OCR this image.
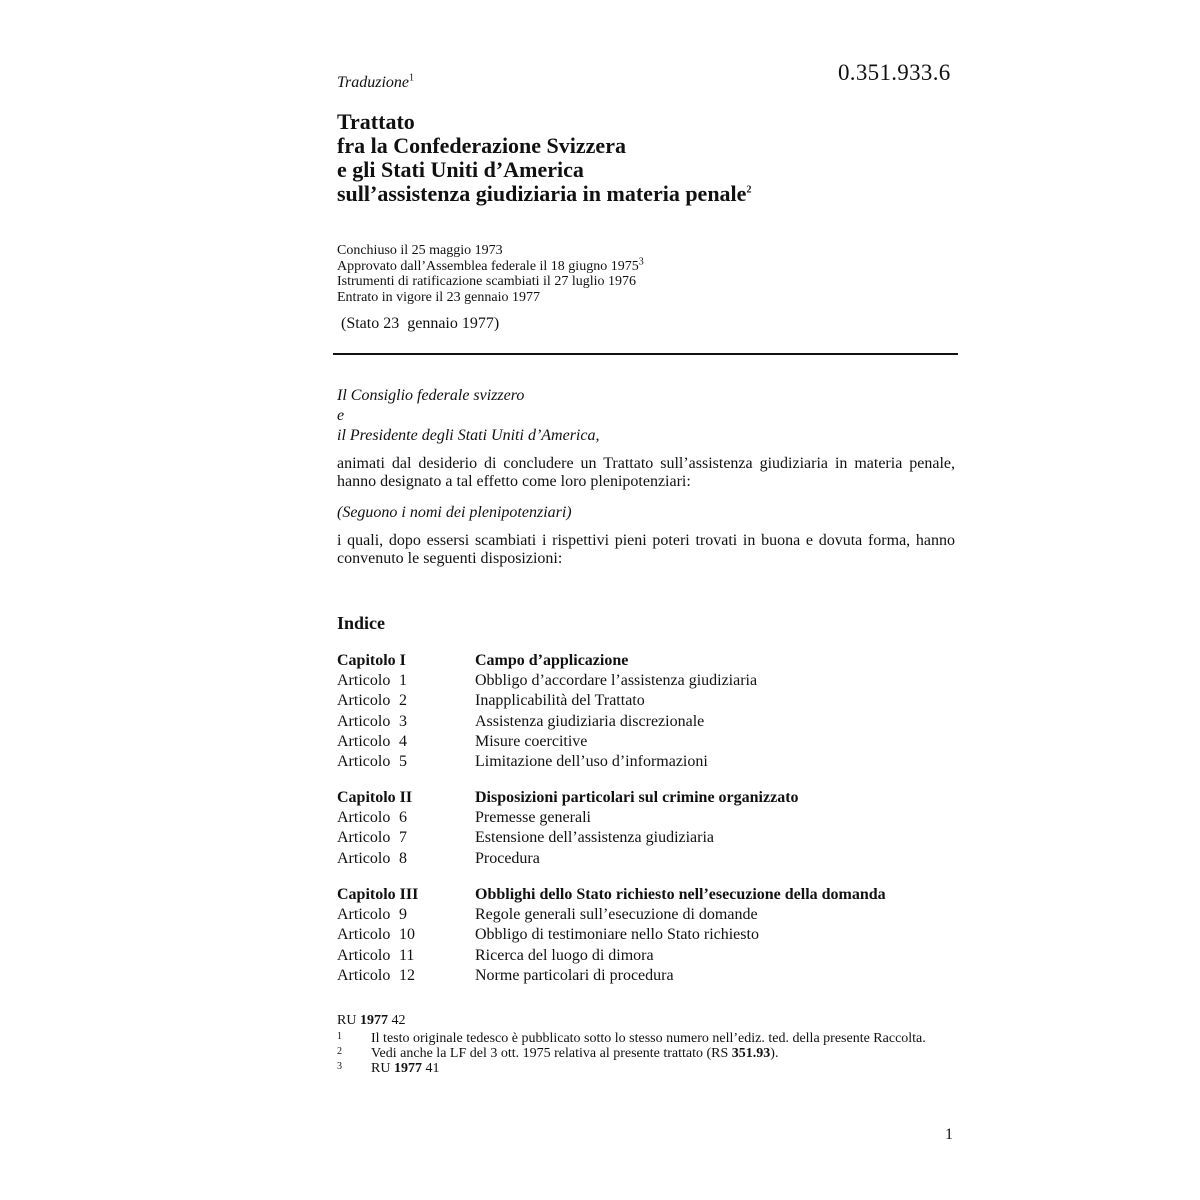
0.351.933.6
Traduzione$^1$
Trattato
fra la Confederazione Svizzera
e gli Stati Uniti d’America
sull’assistenza giudiziaria in materia penale$^2$
Conchiuso il 25 maggio 1973
Approvato dall’Assemblea federale il 18 giugno 1975$^3$
Istrumenti di ratificazione scambiati il 27 luglio 1976
Entrato in vigore il 23 gennaio 1977
(Stato 23  gennaio 1977)
Il Consiglio federale svizzero
e
il Presidente degli Stati Uniti d’America,
animati dal desiderio di concludere un Trattato sull’assistenza giudiziaria in materia penale, hanno designato a tal effetto come loro plenipotenziari:
(Seguono i nomi dei plenipotenziari)
i quali, dopo essersi scambiati i rispettivi pieni poteri trovati in buona e dovuta forma, hanno convenuto le seguenti disposizioni:
Indice
Capitolo I	Campo d’applicazione
Articolo 1	Obbligo d’accordare l’assistenza giudiziaria
Articolo 2	Inapplicabilità del Trattato
Articolo 3	Assistenza giudiziaria discrezionale
Articolo 4	Misure coercitive
Articolo 5	Limitazione dell’uso d’informazioni
Capitolo II	Disposizioni particolari sul crimine organizzato
Articolo 6	Premesse generali
Articolo 7	Estensione dell’assistenza giudiziaria
Articolo 8	Procedura
Capitolo III	Obblighi dello Stato richiesto nell’esecuzione della domanda
Articolo 9	Regole generali sull’esecuzione di domande
Articolo 10	Obbligo di testimoniare nello Stato richiesto
Articolo 11	Ricerca del luogo di dimora
Articolo 12	Norme particolari di procedura
RU 1977 42
1	Il testo originale tedesco è pubblicato sotto lo stesso numero nell’ediz. ted. della presente Raccolta.
2	Vedi anche la LF del 3 ott. 1975 relativa al presente trattato (RS 351.93).
3	RU 1977 41
1
